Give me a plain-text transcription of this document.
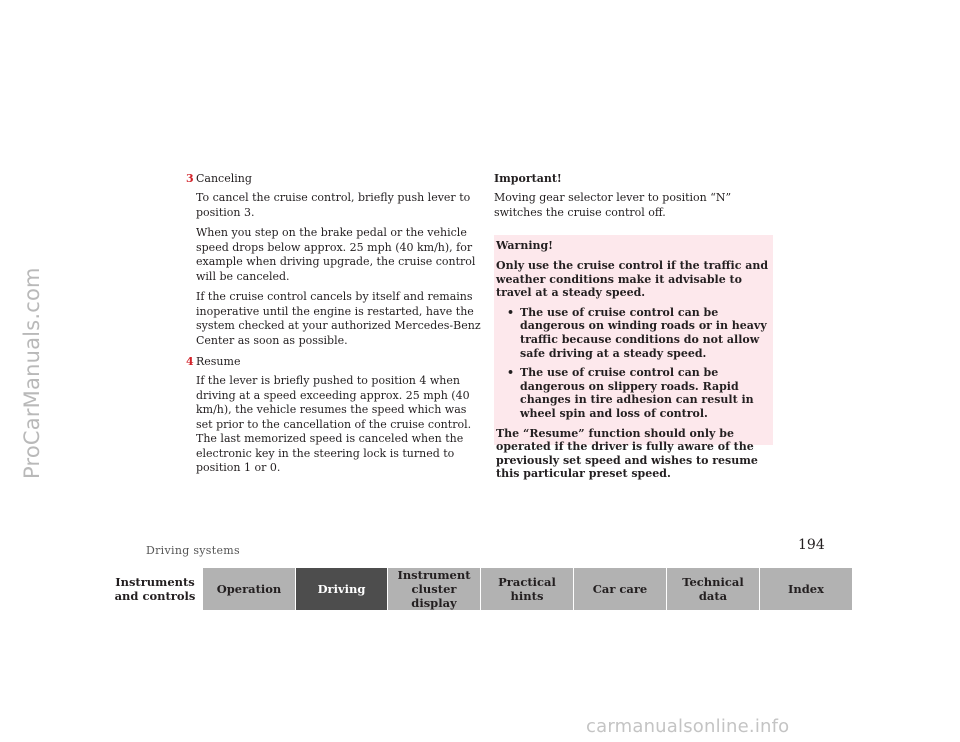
ProCarManuals.com
3 Canceling

To cancel the cruise control, briefly push lever to position 3.

When you step on the brake pedal or the vehicle speed drops below approx. 25 mph (40 km/h), for example when driving upgrade, the cruise control will be canceled.

If the cruise control cancels by itself and remains inoperative until the engine is restarted, have the system checked at your authorized Mercedes-Benz Center as soon as possible.

4 Resume

If the lever is briefly pushed to position 4 when driving at a speed exceeding approx. 25 mph (40 km/h), the vehicle resumes the speed which was set prior to the cancellation of the cruise control. The last memorized speed is canceled when the electronic key in the steering lock is turned to position 1 or 0.

Important!

Moving gear selector lever to position “N” switches the cruise control off.

Warning!

Only use the cruise control if the traffic and weather conditions make it advisable to travel at a steady speed.

• The use of cruise control can be dangerous on winding roads or in heavy traffic because conditions do not allow safe driving at a steady speed.
• The use of cruise control can be dangerous on slippery roads. Rapid changes in tire adhesion can result in wheel spin and loss of control.

The “Resume” function should only be operated if the driver is fully aware of the previously set speed and wishes to resume this particular preset speed.

Driving systems	194
Instruments
and controls Operation	Driving
Instrument
cluster display
Practical hints	Car care	Technical
data	Index
carmanualsonline.info
